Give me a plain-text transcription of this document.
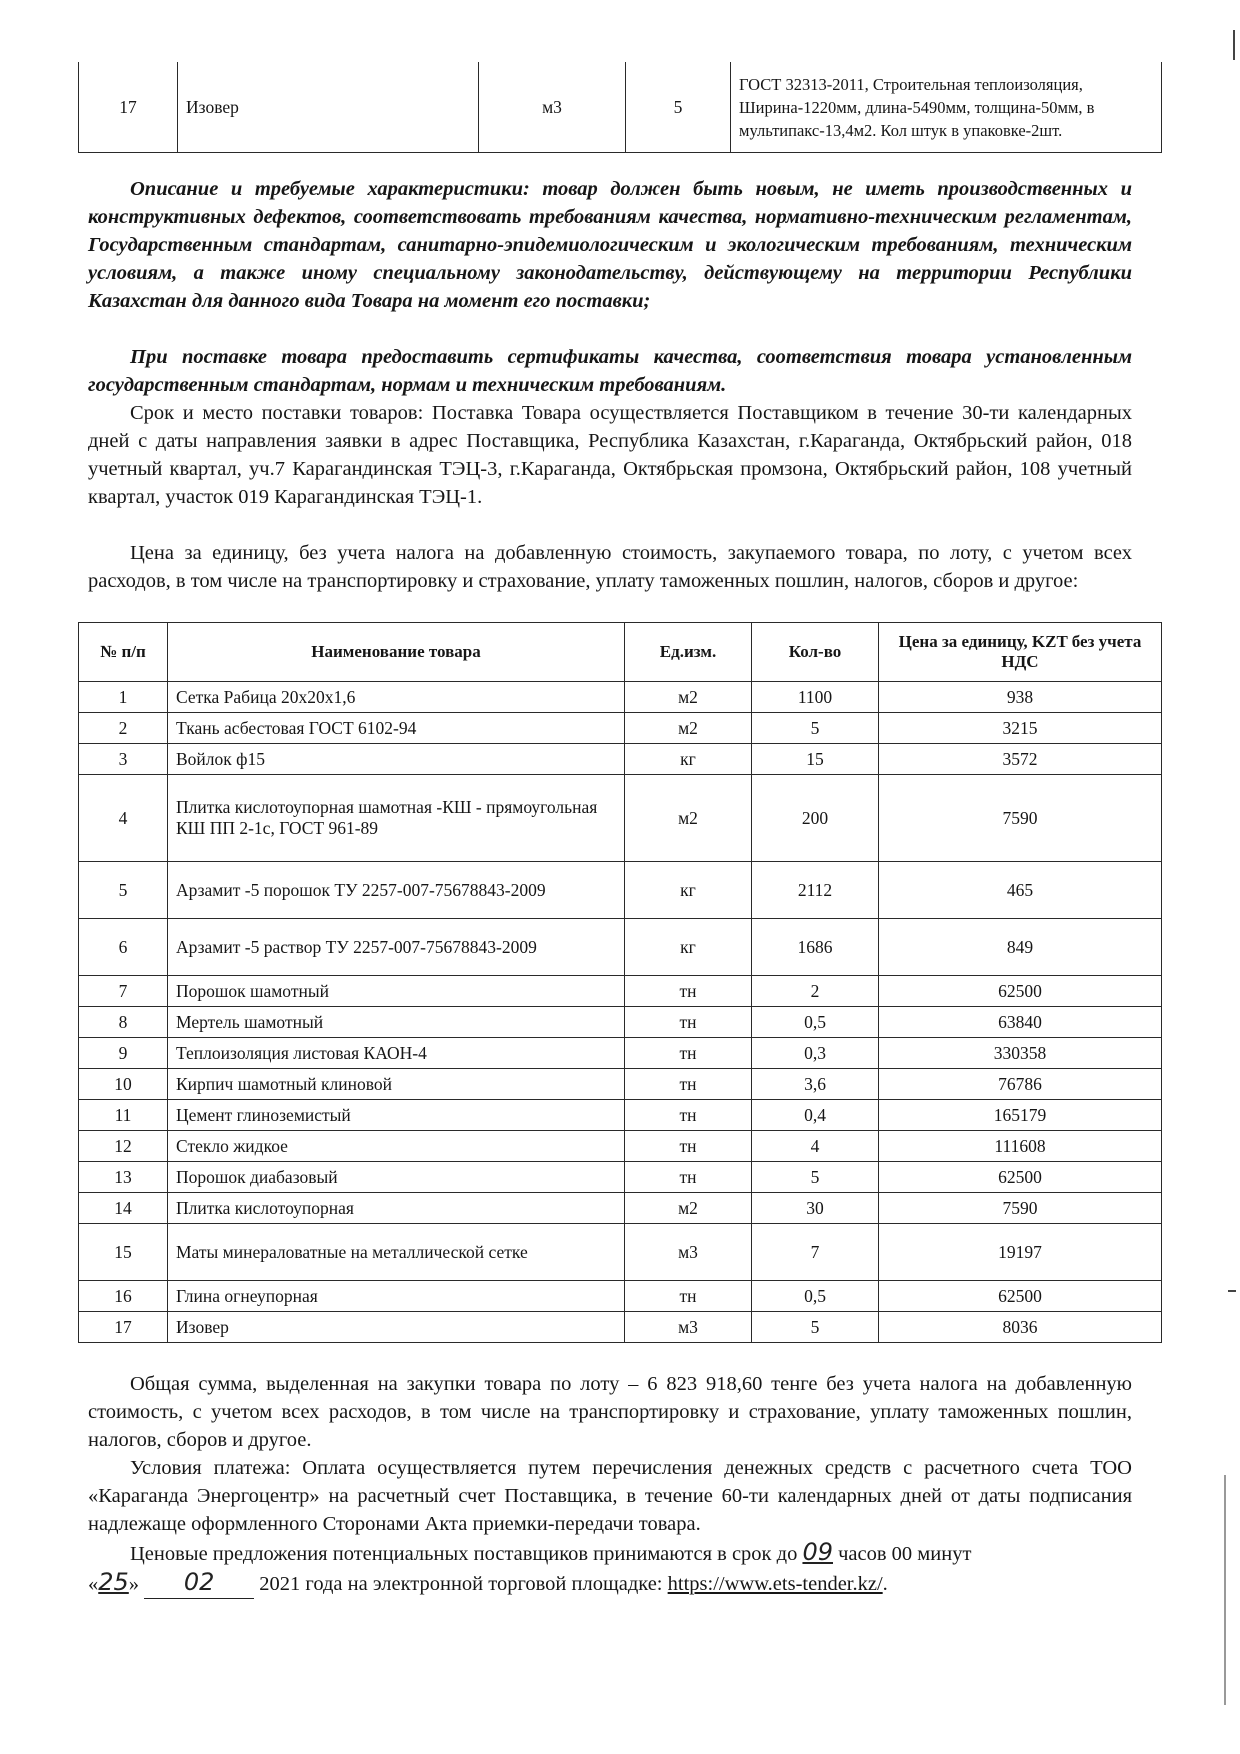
17	Изовер	м3	5	ГОСТ 32313-2011, Строительная теплоизоляция, Ширина-1220мм, длина-5490мм, толщина-50мм, в мультипакс-13,4м2. Кол штук в упаковке-2шт.

Описание и требуемые характеристики: товар должен быть новым, не иметь производственных и конструктивных дефектов, соответствовать требованиям качества, нормативно-техническим регламентам, Государственным стандартам, санитарно-эпидемиологическим и экологическим требованиям, техническим условиям, а также иному специальному законодательству, действующему на территории Республики Казахстан для данного вида Товара на момент его поставки;

При поставке товара предоставить сертификаты качества, соответствия товара установленным государственным стандартам, нормам и техническим требованиям.

Срок и место поставки товаров: Поставка Товара осуществляется Поставщиком в течение 30-ти календарных дней с даты направления заявки в адрес Поставщика, Республика Казахстан, г.Караганда, Октябрьский район, 018 учетный квартал, уч.7 Карагандинская ТЭЦ-3, г.Караганда, Октябрьская промзона, Октябрьский район, 108 учетный квартал, участок 019 Карагандинская ТЭЦ-1.

Цена за единицу, без учета налога на добавленную стоимость, закупаемого товара, по лоту, с учетом всех расходов, в том числе на транспортировку и страхование, уплату таможенных пошлин, налогов, сборов и другое:

№ п/п	Наименование товара	Ед.изм.	Кол-во	Цена за единицу, KZT без учета НДС
1	Сетка Рабица 20х20х1,6	м2	1100	938
2	Ткань асбестовая ГОСТ 6102-94	м2	5	3215
3	Войлок ф15	кг	15	3572
4	Плитка кислотоупорная шамотная -КШ - прямоугольная КШ ПП 2-1с, ГОСТ 961-89	м2	200	7590
5	Арзамит -5 порошок ТУ 2257-007-75678843-2009	кг	2112	465
6	Арзамит -5 раствор ТУ 2257-007-75678843-2009	кг	1686	849
7	Порошок шамотный	тн	2	62500
8	Мертель шамотный	тн	0,5	63840
9	Теплоизоляция листовая КАОН-4	тн	0,3	330358
10	Кирпич шамотный клиновой	тн	3,6	76786
11	Цемент глиноземистый	тн	0,4	165179
12	Стекло жидкое	тн	4	111608
13	Порошок диабазовый	тн	5	62500
14	Плитка кислотоупорная	м2	30	7590
15	Маты минераловатные на металлической сетке	м3	7	19197
16	Глина огнеупорная	тн	0,5	62500
17	Изовер	м3	5	8036

Общая сумма, выделенная на закупки товара по лоту – 6 823 918,60 тенге без учета налога на добавленную стоимость, с учетом всех расходов, в том числе на транспортировку и страхование, уплату таможенных пошлин, налогов, сборов и другое.

Условия платежа: Оплата осуществляется путем перечисления денежных средств с расчетного счета ТОО «Караганда Энергоцентр» на расчетный счет Поставщика, в течение 60-ти календарных дней от даты подписания надлежаще оформленного Сторонами Акта приемки-передачи товара.

Ценовые предложения потенциальных поставщиков принимаются в срок до 09 часов 00 минут
«25» 02 2021 года на электронной торговой площадке: https://www.ets-tender.kz/.
